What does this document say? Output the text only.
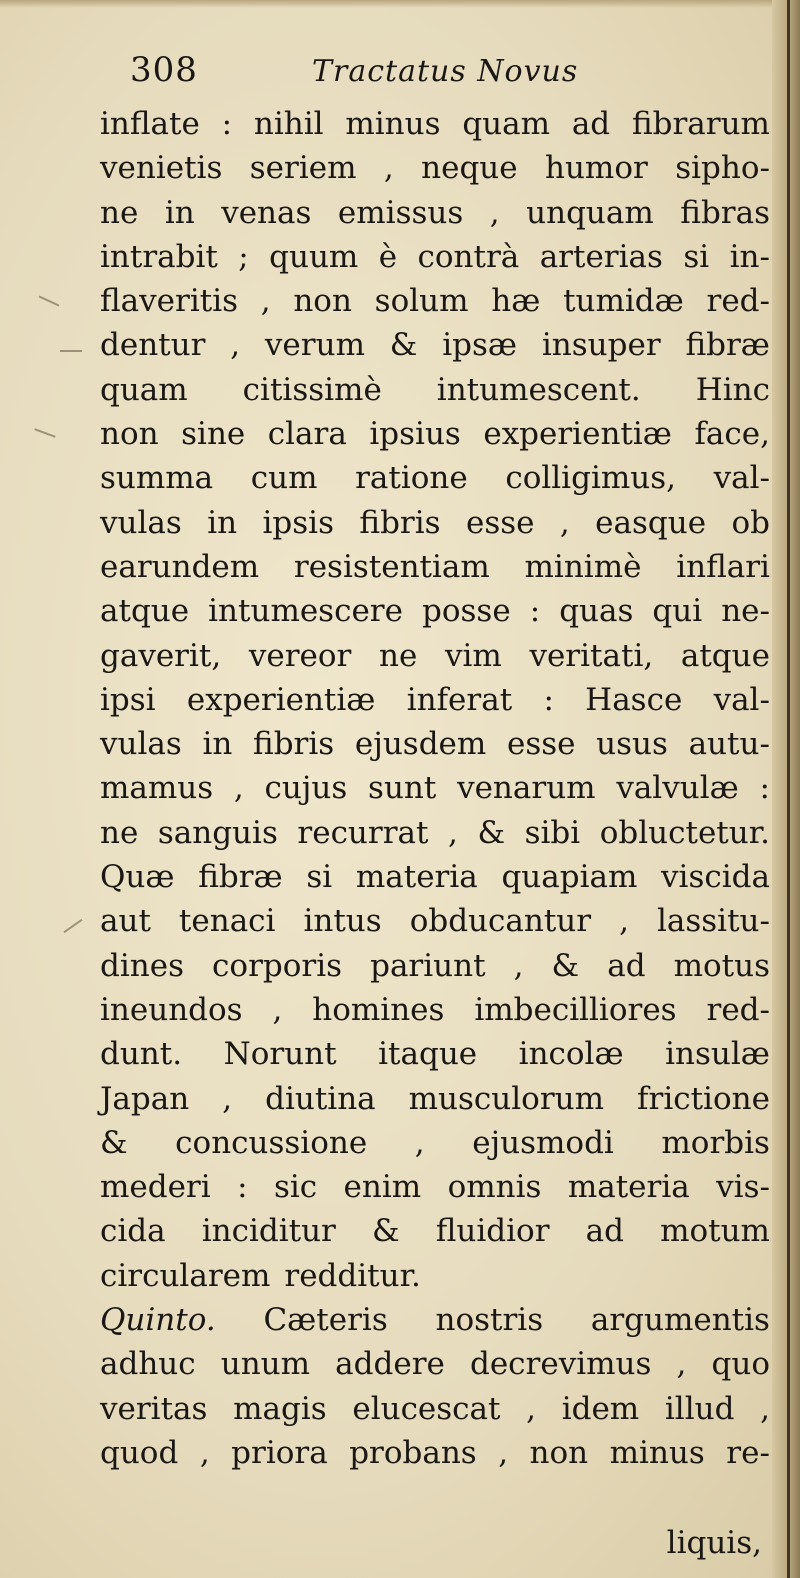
308	Tractatus Novus
inflate : nihil minus quam ad fibrarum
venietis seriem , neque humor sipho-
ne in venas emissus , unquam fibras
intrabit ; quum è contrà arterias si in-
flaveritis , non solum hæ tumidæ red-
dentur , verum & ipsæ insuper fibræ
quam citissimè intumescent. Hinc
non sine clara ipsius experientiæ face,
summa cum ratione colligimus, val-
vulas in ipsis fibris esse , easque ob
earundem resistentiam minimè inflari
atque intumescere posse : quas qui ne-
gaverit, vereor ne vim veritati, atque
ipsi experientiæ inferat : Hasce val-
vulas in fibris ejusdem esse usus autu-
mamus , cujus sunt venarum valvulæ :
ne sanguis recurrat , & sibi obluctetur.
Quæ fibræ si materia quapiam viscida
aut tenaci intus obducantur , lassitu-
dines corporis pariunt , & ad motus
ineundos , homines imbecilliores red-
dunt. Norunt itaque incolæ insulæ
Japan , diutina musculorum frictione
& concussione , ejusmodi morbis
mederi : sic enim omnis materia vis-
cida inciditur & fluidior ad motum
circularem redditur.
Quinto. Cæteris nostris argumentis
adhuc unum addere decrevimus , quo
veritas magis elucescat , idem illud ,
quod , priora probans , non minus re-
liquis,
